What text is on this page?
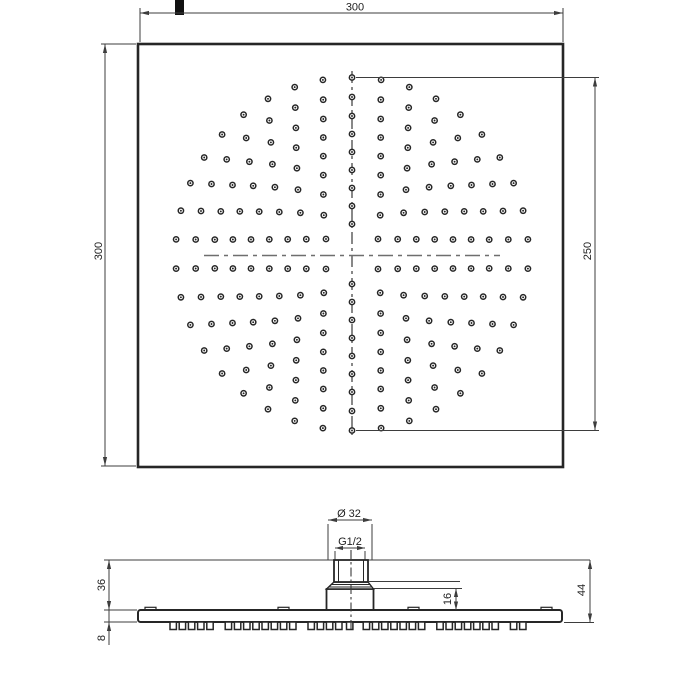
300
300	250
Ø 32
G1/2
36
8
16
44
